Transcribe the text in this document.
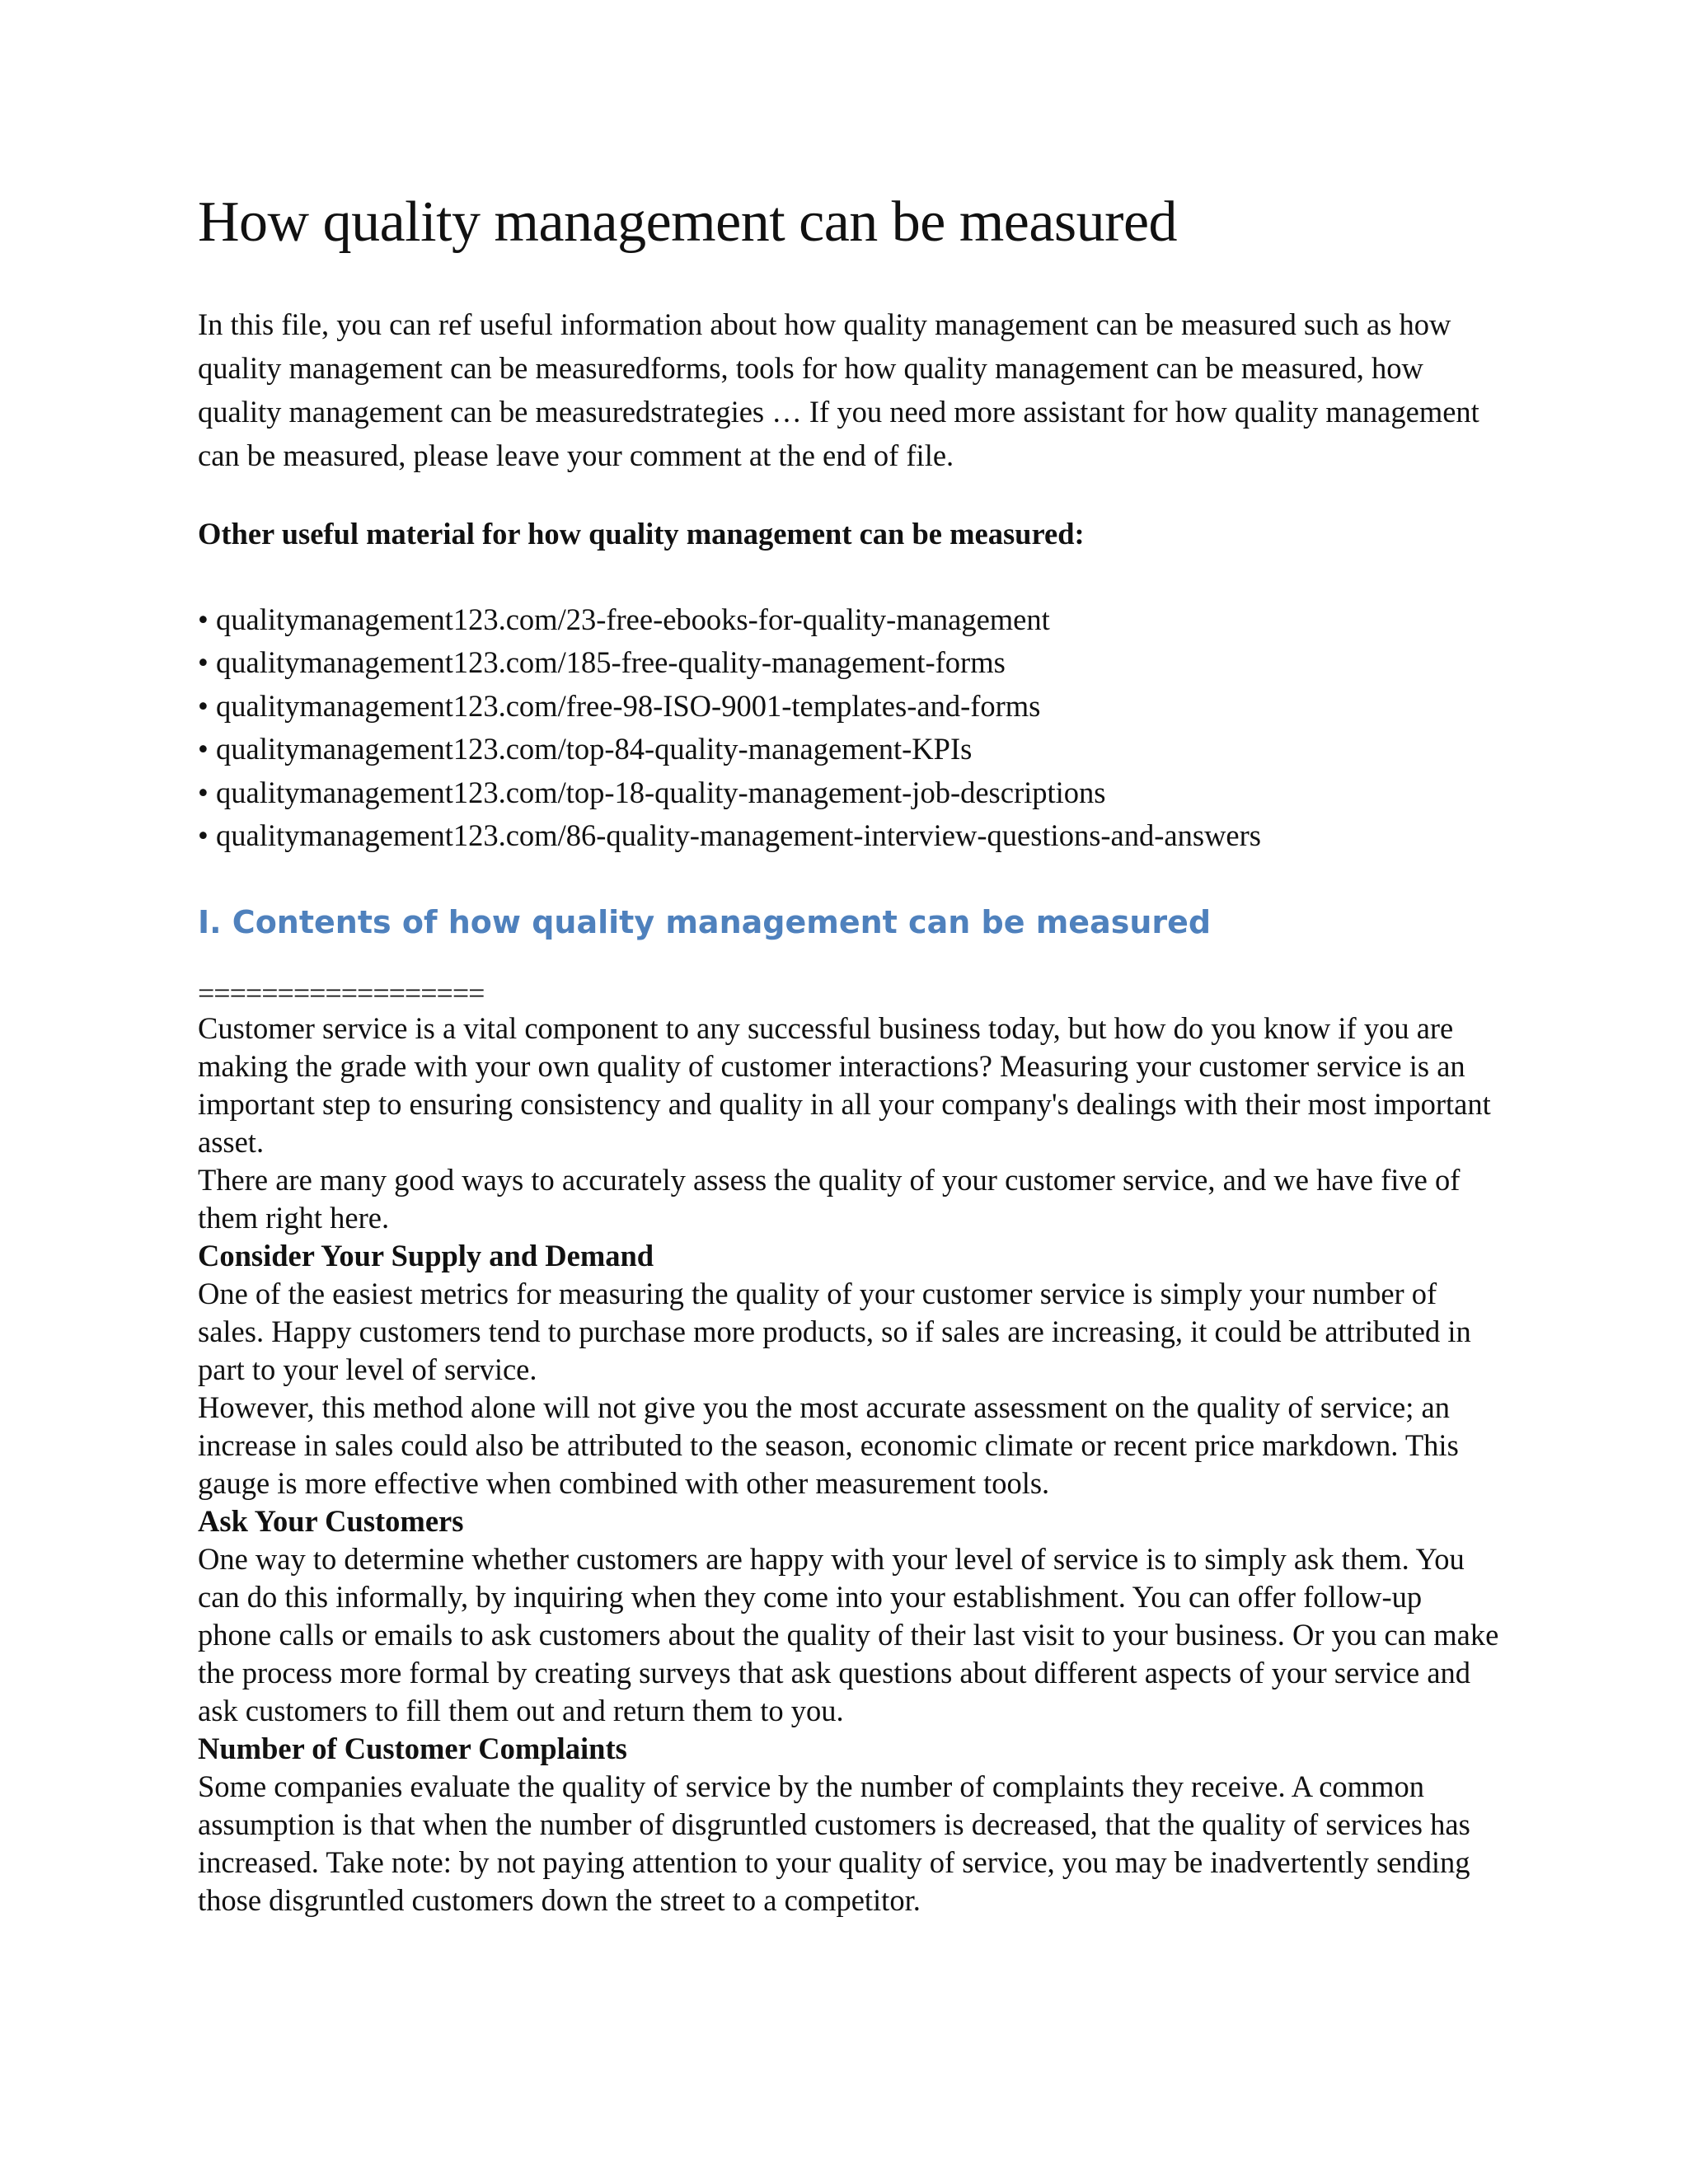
How quality management can be measured

In this file, you can ref useful information about how quality management can be measured such as how quality management can be measuredforms, tools for how quality management can be measured, how quality management can be measuredstrategies … If you need more assistant for how quality management can be measured, please leave your comment at the end of file.

Other useful material for how quality management can be measured:

• qualitymanagement123.com/23-free-ebooks-for-quality-management
• qualitymanagement123.com/185-free-quality-management-forms
• qualitymanagement123.com/free-98-ISO-9001-templates-and-forms
• qualitymanagement123.com/top-84-quality-management-KPIs
• qualitymanagement123.com/top-18-quality-management-job-descriptions
• qualitymanagement123.com/86-quality-management-interview-questions-and-answers
I. Contents of how quality management can be measured

==================

Customer service is a vital component to any successful business today, but how do you know if you are making the grade with your own quality of customer interactions? Measuring your customer service is an important step to ensuring consistency and quality in all your company's dealings with their most important asset.

There are many good ways to accurately assess the quality of your customer service, and we have five of them right here.

Consider Your Supply and Demand

One of the easiest metrics for measuring the quality of your customer service is simply your number of sales. Happy customers tend to purchase more products, so if sales are increasing, it could be attributed in part to your level of service.

However, this method alone will not give you the most accurate assessment on the quality of service; an increase in sales could also be attributed to the season, economic climate or recent price markdown. This gauge is more effective when combined with other measurement tools.

Ask Your Customers

One way to determine whether customers are happy with your level of service is to simply ask them. You can do this informally, by inquiring when they come into your establishment. You can offer follow-up phone calls or emails to ask customers about the quality of their last visit to your business. Or you can make the process more formal by creating surveys that ask questions about different aspects of your service and ask customers to fill them out and return them to you.

Number of Customer Complaints

Some companies evaluate the quality of service by the number of complaints they receive. A common assumption is that when the number of disgruntled customers is decreased, that the quality of services has increased. Take note: by not paying attention to your quality of service, you may be inadvertently sending those disgruntled customers down the street to a competitor.
